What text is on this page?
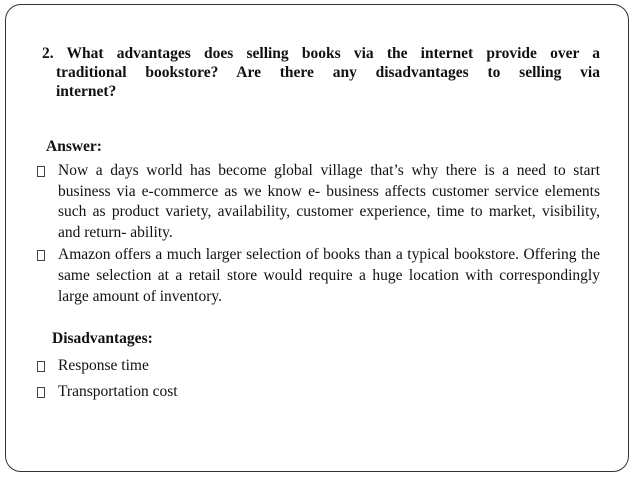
2. What advantages does selling books via the internet provide over a
traditional bookstore? Are there any disadvantages to selling via
internet?
Answer:
Now a days world has become global village that’s why there is a need to start business via e-commerce as we know e- business affects customer service elements such as product variety, availability, customer experience, time to market, visibility, and return- ability.
Amazon offers a much larger selection of books than a typical bookstore. Offering the same selection at a retail store would require a huge location with correspondingly large amount of inventory.
Disadvantages:
Response time
Transportation cost
